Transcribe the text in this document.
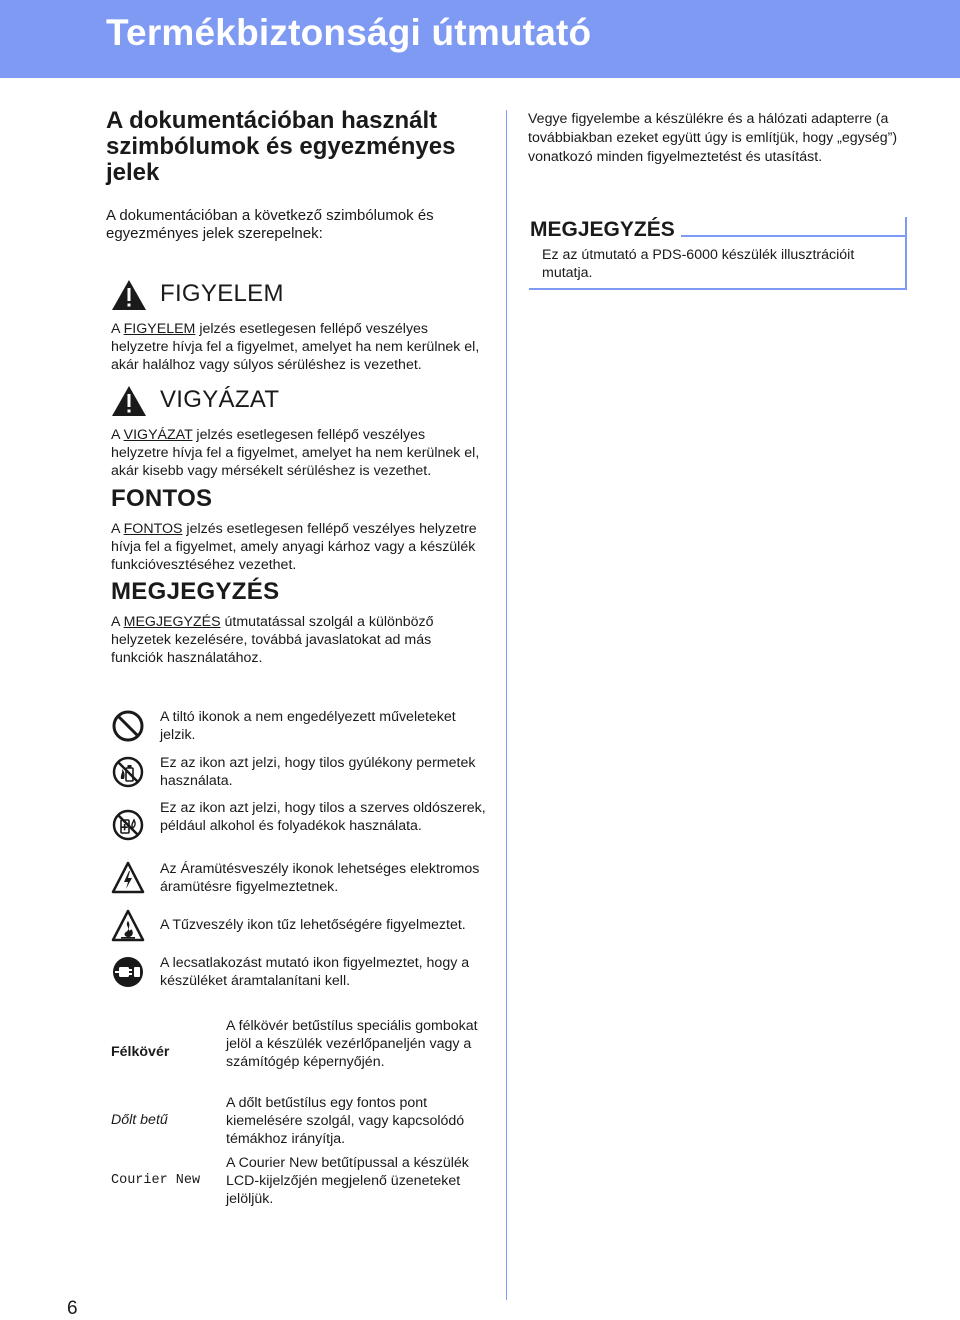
Termékbiztonsági útmutató
A dokumentációban használt szimbólumok és egyezményes jelek

A dokumentációban a következő szimbólumok és egyezményes jelek szerepelnek:

FIGYELEM

A FIGYELEM jelzés esetlegesen fellépő veszélyes helyzetre hívja fel a figyelmet, amelyet ha nem kerülnek el, akár halálhoz vagy súlyos sérüléshez is vezethet.

VIGYÁZAT

A VIGYÁZAT jelzés esetlegesen fellépő veszélyes helyzetre hívja fel a figyelmet, amelyet ha nem kerülnek el, akár kisebb vagy mérsékelt sérüléshez is vezethet.

FONTOS

A FONTOS jelzés esetlegesen fellépő veszélyes helyzetre hívja fel a figyelmet, amely anyagi kárhoz vagy a készülék funkcióvesztéséhez vezethet.

MEGJEGYZÉS

A MEGJEGYZÉS útmutatással szolgál a különböző helyzetek kezelésére, továbbá javaslatokat ad más funkciók használatához.

A tiltó ikonok a nem engedélyezett műveleteket jelzik.

Ez az ikon azt jelzi, hogy tilos gyúlékony permetek használata.

Ez az ikon azt jelzi, hogy tilos a szerves oldószerek, például alkohol és folyadékok használata.

Az Áramütésveszély ikonok lehetséges elektromos áramütésre figyelmeztetnek.

A Tűzveszély ikon tűz lehetőségére figyelmeztet.

A lecsatlakozást mutató ikon figyelmeztet, hogy a készüléket áramtalanítani kell.

Félkövér

A félkövér betűstílus speciális gombokat jelöl a készülék vezérlőpaneljén vagy a számítógép képernyőjén.

Dőlt betű

A dőlt betűstílus egy fontos pont kiemelésére szolgál, vagy kapcsolódó témákhoz irányítja.

Courier New

A Courier New betűtípussal a készülék LCD-kijelzőjén megjelenő üzeneteket jelöljük.

Vegye figyelembe a készülékre és a hálózati adapterre (a továbbiakban ezeket együtt úgy is említjük, hogy „egység”) vonatkozó minden figyelmeztetést és utasítást.

MEGJEGYZÉS

Ez az útmutató a PDS-6000 készülék illusztrációit mutatja.

6
